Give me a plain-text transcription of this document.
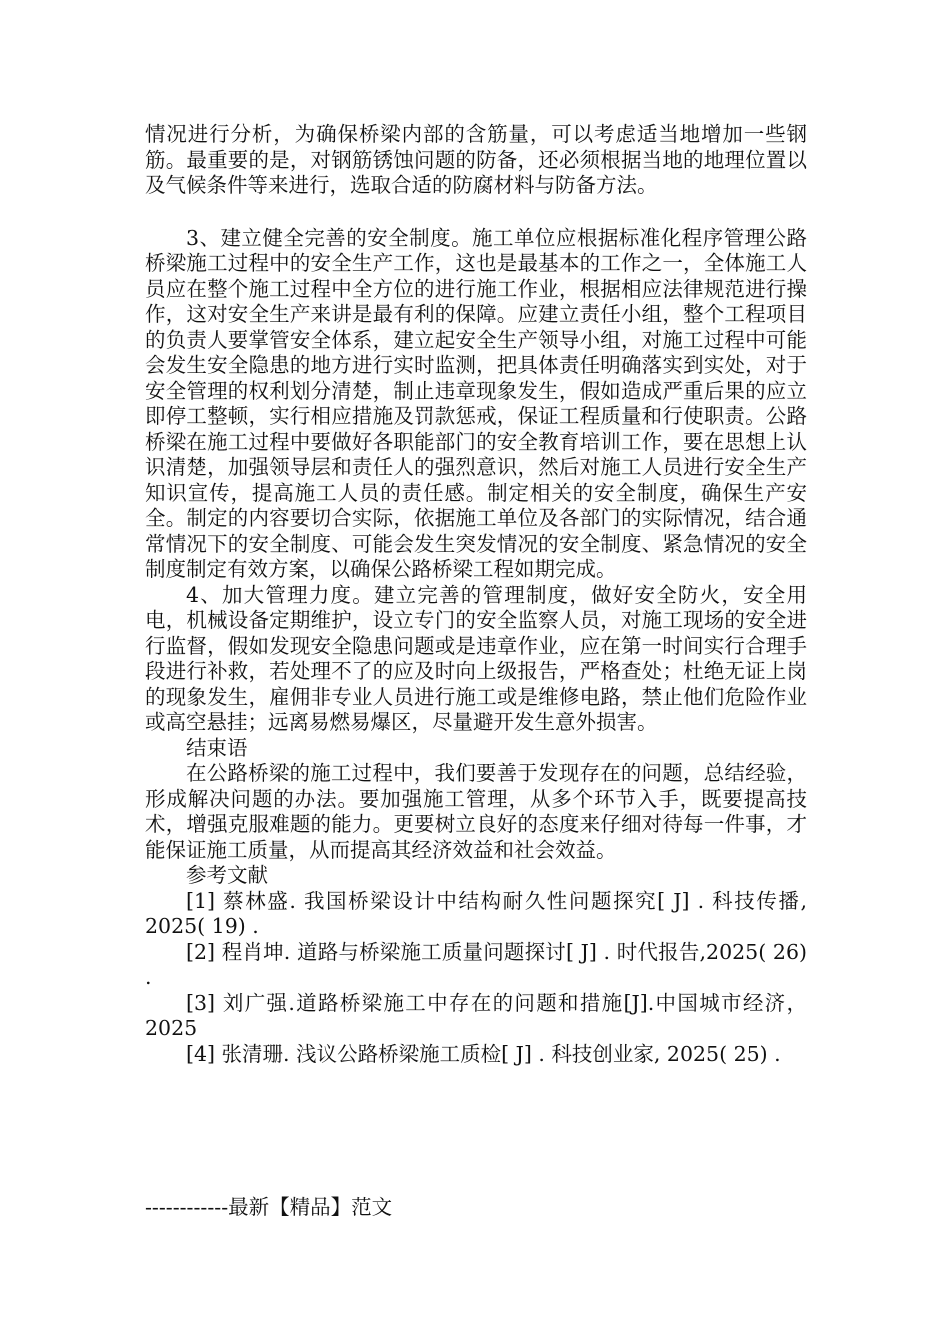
情况进行分析，为确保桥梁内部的含筋量，可以考虑适当地增加一些钢筋。最重要的是，对钢筋锈蚀问题的防备，还必须根据当地的地理位置以及气候条件等来进行，选取合适的防腐材料与防备方法。

3、建立健全完善的安全制度。施工单位应根据标准化程序管理公路桥梁施工过程中的安全生产工作，这也是最基本的工作之一，全体施工人员应在整个施工过程中全方位的进行施工作业，根据相应法律规范进行操作，这对安全生产来讲是最有利的保障。应建立责任小组，整个工程项目的负责人要掌管安全体系，建立起安全生产领导小组，对施工过程中可能会发生安全隐患的地方进行实时监测，把具体责任明确落实到实处，对于安全管理的权利划分清楚，制止违章现象发生，假如造成严重后果的应立即停工整顿，实行相应措施及罚款惩戒，保证工程质量和行使职责。公路桥梁在施工过程中要做好各职能部门的安全教育培训工作，要在思想上认识清楚，加强领导层和责任人的强烈意识，然后对施工人员进行安全生产知识宣传，提高施工人员的责任感。制定相关的安全制度，确保生产安全。制定的内容要切合实际，依据施工单位及各部门的实际情况，结合通常情况下的安全制度、可能会发生突发情况的安全制度、紧急情况的安全制度制定有效方案，以确保公路桥梁工程如期完成。

4、加大管理力度。建立完善的管理制度，做好安全防火，安全用电，机械设备定期维护，设立专门的安全监察人员，对施工现场的安全进行监督，假如发现安全隐患问题或是违章作业，应在第一时间实行合理手段进行补救，若处理不了的应及时向上级报告，严格查处；杜绝无证上岗的现象发生，雇佣非专业人员进行施工或是维修电路，禁止他们危险作业或高空悬挂；远离易燃易爆区，尽量避开发生意外损害。

结束语

在公路桥梁的施工过程中，我们要善于发现存在的问题，总结经验，形成解决问题的办法。要加强施工管理，从多个环节入手，既要提高技术，增强克服难题的能力。更要树立良好的态度来仔细对待每一件事，才能保证施工质量，从而提高其经济效益和社会效益。

参考文献

[1] 蔡林盛. 我国桥梁设计中结构耐久性问题探究[ J] . 科技传播, 2025( 19) .

[2] 程肖坤. 道路与桥梁施工质量问题探讨[ J] . 时代报告,2025( 26) .

[3] 刘广强.道路桥梁施工中存在的问题和措施[J].中国城市经济，2025

[4] 张清珊. 浅议公路桥梁施工质检[ J] . 科技创业家, 2025( 25) .

------------最新【精品】范文
